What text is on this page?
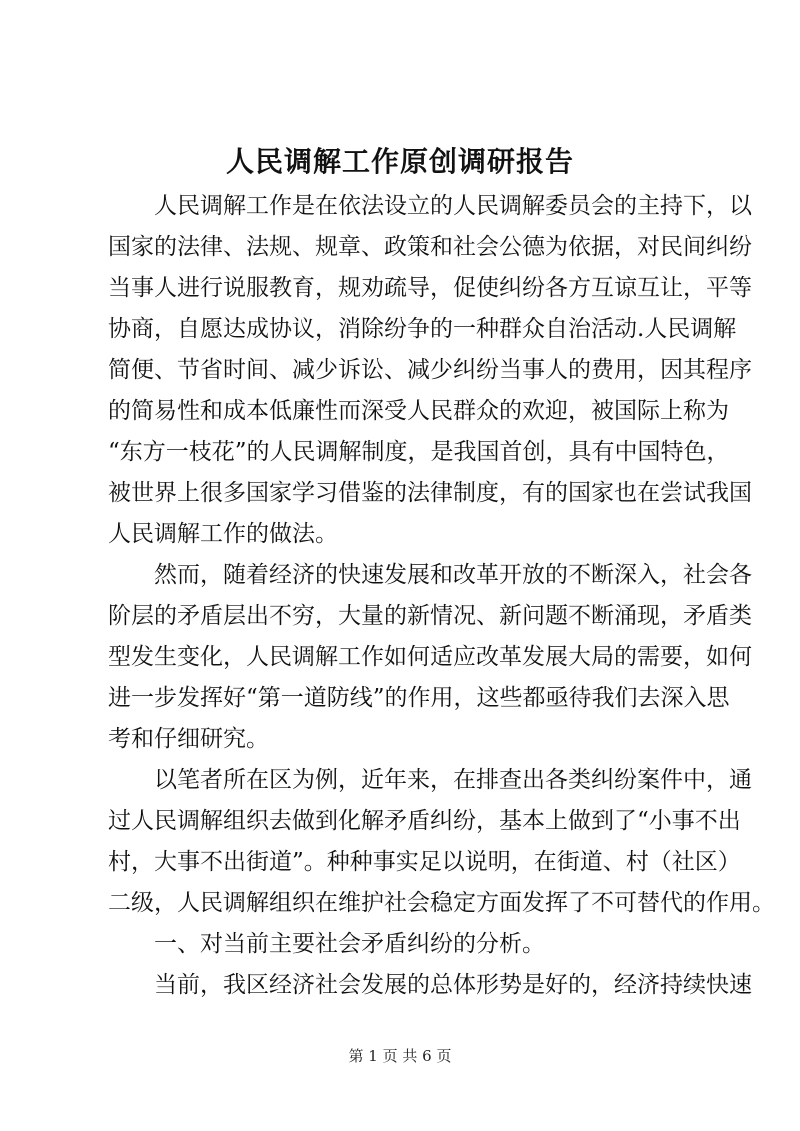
人民调解工作原创调研报告
人民调解工作是在依法设立的人民调解委员会的主持下，以
国家的法律、法规、规章、政策和社会公德为依据，对民间纠纷
当事人进行说服教育，规劝疏导，促使纠纷各方互谅互让，平等
协商，自愿达成协议，消除纷争的一种群众自治活动.人民调解
简便、节省时间、减少诉讼、减少纠纷当事人的费用，因其程序
的简易性和成本低廉性而深受人民群众的欢迎，被国际上称为
“东方一枝花”的人民调解制度，是我国首创，具有中国特色，
被世界上很多国家学习借鉴的法律制度，有的国家也在尝试我国
人民调解工作的做法。
然而，随着经济的快速发展和改革开放的不断深入，社会各
阶层的矛盾层出不穷，大量的新情况、新问题不断涌现，矛盾类
型发生变化，人民调解工作如何适应改革发展大局的需要，如何
进一步发挥好“第一道防线”的作用，这些都亟待我们去深入思
考和仔细研究。
以笔者所在区为例，近年来，在排查出各类纠纷案件中，通
过人民调解组织去做到化解矛盾纠纷，基本上做到了“小事不出
村，大事不出街道”。种种事实足以说明，在街道、村（社区）
二级，人民调解组织在维护社会稳定方面发挥了不可替代的作用。
一、对当前主要社会矛盾纠纷的分析。
当前，我区经济社会发展的总体形势是好的，经济持续快速
第 1 页 共 6 页
